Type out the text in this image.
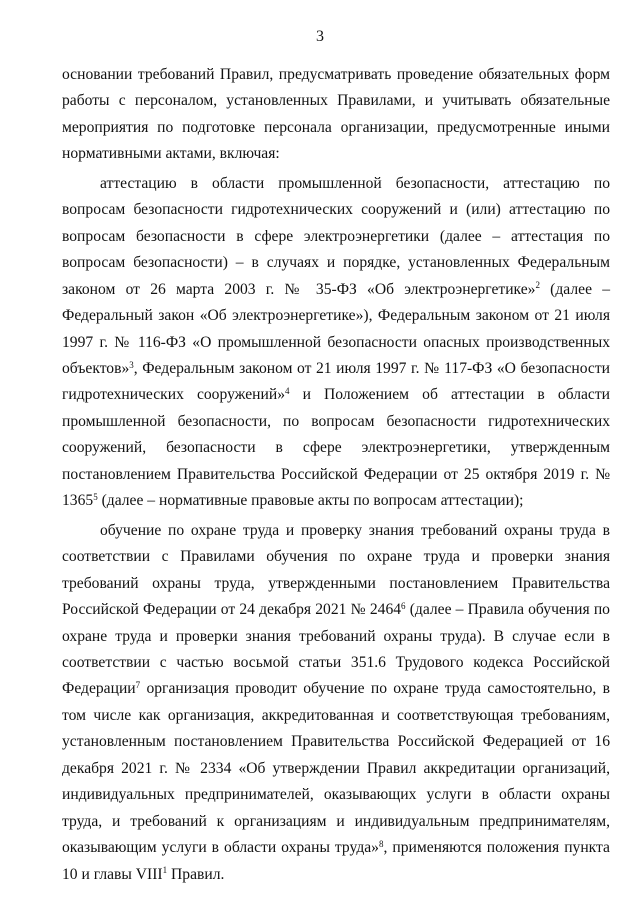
3

основании требований Правил, предусматривать проведение обязательных форм работы с персоналом, установленных Правилами, и учитывать обязательные мероприятия по подготовке персонала организации, предусмотренные иными нормативными актами, включая:

аттестацию в области промышленной безопасности, аттестацию по вопросам безопасности гидротехнических сооружений и (или) аттестацию по вопросам безопасности в сфере электроэнергетики (далее – аттестация по вопросам безопасности) – в случаях и порядке, установленных Федеральным законом от 26 марта 2003 г. № 35-ФЗ «Об электроэнергетике»$^2$ (далее – Федеральный закон «Об электроэнергетике»), Федеральным законом от 21 июля 1997 г. № 116-ФЗ «О промышленной безопасности опасных производственных объектов»$^3$, Федеральным законом от 21 июля 1997 г. № 117-ФЗ «О безопасности гидротехнических сооружений»$^4$ и Положением об аттестации в области промышленной безопасности, по вопросам безопасности гидротехнических сооружений, безопасности в сфере электроэнергетики, утвержденным постановлением Правительства Российской Федерации от 25 октября 2019 г. № 1365$^5$ (далее – нормативные правовые акты по вопросам аттестации);

обучение по охране труда и проверку знания требований охраны труда в соответствии с Правилами обучения по охране труда и проверки знания требований охраны труда, утвержденными постановлением Правительства Российской Федерации от 24 декабря 2021 № 2464$^6$ (далее – Правила обучения по охране труда и проверки знания требований охраны труда). В случае если в соответствии с частью восьмой статьи 351.6 Трудового кодекса Российской Федерации$^7$ организация проводит обучение по охране труда самостоятельно, в том числе как организация, аккредитованная и соответствующая требованиям, установленным постановлением Правительства Российской Федерацией от 16 декабря 2021 г. № 2334 «Об утверждении Правил аккредитации организаций, индивидуальных предпринимателей, оказывающих услуги в области охраны труда, и требований к организациям и индивидуальным предпринимателям, оказывающим услуги в области охраны труда»$^8$, применяются положения пункта 10 и главы VIII$^1$ Правил.
